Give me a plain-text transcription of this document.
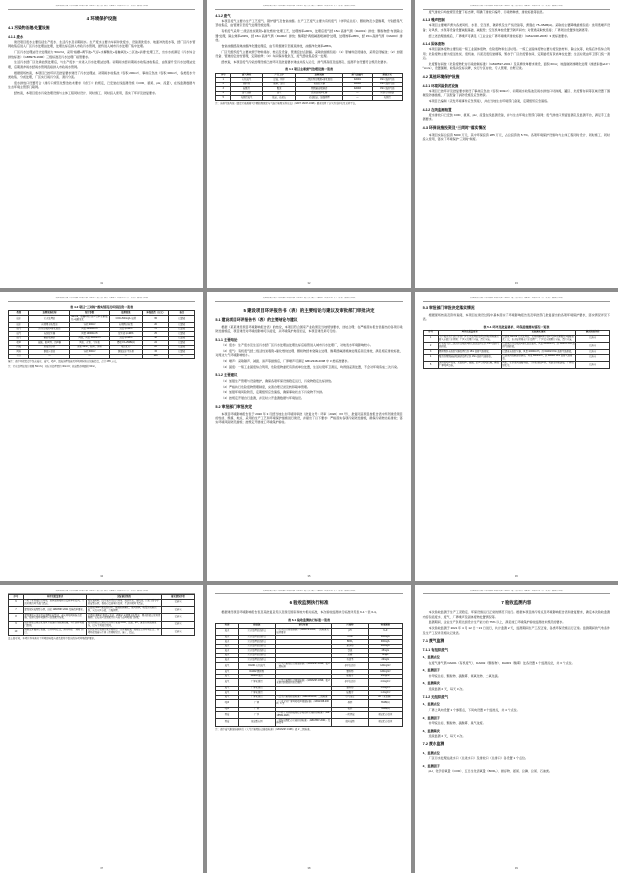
某建设项目竣工环境保护验收监测（调查）报告表 项目（湖北）有限公司 年产某某产品项目验收
4 环境保护设施
4.1 污染物治理/处置设施
4.1.1 废水

建设项目废水主要包括生产废水、生活污水及初期雨水。生产废水主要为车间冲洗废水、设备清洗废水、地面冲洗废水等，经厂区污水管网收集后进入厂区污水处理站处理，处理达标后排入市政污水管网，最终进入城市污水处理厂集中处理。

厂区污水处理站设计处理能力 50m³/d，采用“格栅+调节池+气浮+水解酸化+接触氧化+二沉池+消毒”处理工艺，出水水质满足《污水综合排放标准》（GB8978-1996）三级标准及污水处理厂接管要求。

生活污水经厂区化粪池预处理后，与生产废水一并进入污水处理站处理。初期雨水经初期雨水收集池收集后，由泵提升至污水处理站处理，后期清净雨水经雨水管网直接排入市政雨水管网。

根据现场核查，本项目已按环评及批复要求建设了污水处理站、初期雨水收集池（容积 200m³）、事故应急池（容积 300m³），各类废水分类收集、分质处理，厂区实行雨污分流、清污分流。

废水排放口设置符合《排污口规范化整治技术要求（试行）》的规定，已安装在线监测设施（COD、氨氮、pH、流量），在线监测数据与生态环境主管部门联网。

经核查，本项目废水污染治理设施与主体工程同时设计、同时施工、同时投入使用，落实了环评及批复要求。

31
某建设项目竣工环境保护验收监测（调查）报告表 项目（湖北）有限公司 年产某某产品项目验收
4.1.2 废气

本项目废气主要为生产工艺废气、锅炉烟气及食堂油烟。生产工艺废气主要为有机废气（非甲烷总烃）、颗粒物及少量酸雾，分别经集气罩收集后，由管道引至废气处理设施处理。

有机废气采用“二级活性炭吸附+催化燃烧”处理工艺，处理效率≥90%，处理后废气经 15m 高排气筒（DA001）排放；颗粒物经“布袋除尘器”处理，除尘效率≥99%，经 15m 高排气筒（DA002）排放；酸雾经“两级碱液喷淋塔”处理，处理效率≥95%，经 15m 高排气筒（DA003）排放。

食堂油烟经高效油烟净化器处理后，由专用烟道引至屋顶排放，油烟净化效率≥85%。

厂区无组织废气主要来源于物料储存、转运及设备、管道密封点泄漏。采取的措施包括：（1）原辅料密闭储存，采用密闭输送；（2）加强设备、管道的密封性管理，定期检修；（3）车间保持微负压，废气经收集后统一处理。

经核查，本项目废气污染治理设施已按环评及批复要求建成并投入运行，排气筒高度及监测孔、监测平台设置符合规范化要求。

表 4-1 项目主要废气治理设施一览表
序号	废气种类	产生工序	治理设施	排气筒编号	排放方式
1	有机废气	涂装、烘干	二级活性炭吸附+催化燃烧	DA001	15m 高排气筒
2	颗粒物	破碎、混合	布袋除尘器	DA002	15m 高排气筒
3	硫酸雾	酸洗	两级碱液喷淋塔	DA003	15m 高排气筒
4	食堂油烟	食堂	高效油烟净化器	—	屋顶专用烟道
5	无组织废气	储运、密封点	密闭储运、加强管理	—	无组织
注：各排气筒均按《固定污染源排气中颗粒物测定与气态污染物采样方法》（GB/T 16157-1996）要求设置了永久性采样孔及采样平台。
32
某建设项目竣工环境保护验收监测（调查）报告表 项目（湖北）有限公司 年产某某产品项目验收

废气排放口均按规范设置了标志牌，明确了排放口编号、污染物种类、排放标准等信息。

4.1.3 噪声控制

本项目主要噪声源为各类风机、水泵、空压机、破碎机及生产线设备等，源强在 75~95dB(A)。采取的主要降噪措施包括：选用低噪声设备；对风机、水泵等设备设置减振基础、减振垫；空压机单独设置于隔声间内；对管道采取软连接；厂界周边设置绿化隔离带。

经上述治理措施后，厂界噪声可满足《工业企业厂界环境噪声排放标准》（GB12348-2008）3 类标准要求。

4.1.4 固体废物

本项目固体废物主要包括一般工业固体废物、危险废物和生活垃圾。一般工业固体废物主要为废包装材料、除尘灰等，收集后外售综合利用；危险废物主要为废活性炭、废机油、污泥及废包装桶等，暂存于厂区危废暂存间，定期委托有资质单位处置；生活垃圾由环卫部门统一清运。

危废暂存间按《危险废物贮存污染控制标准》（GB18597-2001）及其修改单要求建设，面积 60m²，地面做防渗硬化处理（渗透系数≤10⁻¹⁰cm/s），设置围堰、收集沟及标识牌，实行分区存放、专人管理、台账记录。

4.2 其他环境保护设施
4.2.1 环境风险防范设施

本项目已按环评及批复要求建设了事故应急池（容积 300m³）、初期雨水收集池及雨水排放口切换阀，罐区、危废暂存间等区域设置了围堰及防渗措施，厂区配备了消防设施及应急物资。

本项目已编制《突发环境事件应急预案》，并在当地生态环境部门备案，定期组织应急演练。

4.2.2 在线监测装置

废水排放口已安装 COD、氨氮、pH、流量在线监测设备，并与生态环境主管部门联网；废气排放口预留监测孔及监测平台，满足手工监测要求。

4.3 环保设施投资及“三同时”落实情况

本项目实际总投资 5000 万元，其中环保投资 285 万元，占总投资的 5.7%。各项环境保护设施均与主体工程同时设计、同时施工、同时投入使用，落实了环境保护“三同时”制度。

33
某建设项目竣工环境保护验收监测（调查）报告表 项目（湖北）有限公司 年产某某产品项目验收
表 4-2 项目“三同时”落实情况及环保投资一览表
类别	治理设施名称	设计参数	处理效果	环保投资（万元）	备注
废水	污水处理站	50m³/d，格栅+调节池+气浮+水解酸化+接触氧化	COD≤500mg/L 接管	95	已建成
废水	初期雨水收集池	容积 200m³	初期雨水收集	20	已建成
废气	活性炭吸附+催化燃烧	风量 20000m³/h	去除率≥90%	70	已建成
废气	布袋除尘器	风量 10000m³/h	除尘效率≥99%	25	已建成
废气	碱液喷淋塔	两级，风量 8000m³/h	去除率≥95%	18	已建成
噪声	减振、隔声间、消声器	风机、水泵、空压机	降噪 15~25dB(A)	22	已建成
固废	危废暂存间	面积 60m²，防渗、围堰	规范贮存	20	已建成
风险	事故应急池	容积 300m³	事故废水不外排	15	已建成
合计	—	—	—	285	—
备注：表中环保投资中包含废水、废气、噪声、固废治理设施及环境风险防范设施投资，合计 285 万元。
注：污水处理站设计规模 50m³/d，实际日处理量约 30m³/d；危废暂存间面积 60m²。
34
某建设项目竣工环境保护验收监测（调查）报告表 项目（湖北）有限公司 年产某某产品项目验收
5 建设项目环评报告书（表）的主要结论与建议及审批部门审批决定
5.1 建设项目环评报告书（表）的主要结论与建议

根据《某某建设项目环境影响报告表》的结论，本项目符合国家产业政策及当地规划要求，选址合理；在严格落实报告表提出的各项污染防治措施后，项目建设对环境的影响可以接受，从环境保护角度论证，本项目建设是可行的。

5.1.1 主要结论

（1）废水：生产废水及生活污水经厂区污水处理站处理达标后接管进入城市污水处理厂，对地表水环境影响较小。

（2）废气：有机废气经二级活性炭吸附+催化燃烧处理、颗粒物经布袋除尘处理、酸雾经碱液喷淋处理后高空排放，满足相应排放标准，对周边大气环境影响较小。

（3）噪声：采取隔声、减振、消声等措施后，厂界噪声可满足 GB12348-2008 中 3 类标准要求。

（4）固废：一般工业固废综合利用，危险废物委托有资质单位处置，生活垃圾环卫清运，均得到妥善处置，不会对环境造成二次污染。

5.1.2 主要建议

（1）加强生产管理与设备维护，确保各项环保设施稳定运行，污染物稳定达标排放。

（2）严格执行危险废物管理制度，完善台账记录及转移联单管理。

（3）加强环境风险防范，定期组织应急演练，确保事故状态下污染物不外排。

（4）按规定开展自行监测，并及时公开监测数据与环境信息。

5.2 审批部门审批决定

本项目环境影响报告表于 2020 年 3 月经当地生态环境局审批（批复文号：环审〔2020〕XX 号），批复同意项目按报告表中所列建设项目的性质、规模、地点、采用的生产工艺和环境保护措施进行建设，并提出了以下要求：严格落实各项污染防治措施，确保污染物达标排放；落实环境风险防范措施；按规定开展竣工环境保护验收。

35
某建设项目竣工环境保护验收监测（调查）报告表 项目（湖北）有限公司 年产某某产品项目验收
5.3 审批部门审批决定落实情况

根据现场核查及资料查阅，本项目在建设过程中基本落实了环境影响报告表及审批部门批复提出的各项环境保护要求，落实情况详见下表。

表 5-1 环评及批复要求、环保措施落实情况一览表
序号	环评及批复要求	实际落实情况	落实情况评价
1	生产废水及生活污水经厂区污水处理站处理达到接管标准后排入市政污水管网；厂区实行雨污分流、清污分流。	已建成 50m³/d 污水处理站，采用格栅+调节池+气浮+水解酸化+接触氧化工艺，出水接管城市污水处理厂；厂区已实现雨污分流、清污分流。	已落实
2	有机废气经二级活性炭吸附+催化燃烧处理后经 15m 高排气筒排放。	已建成活性炭吸附+催化燃烧装置，风量 20000m³/h，经 DA001 15m 高排气筒排放。	已落实
3	颗粒物经布袋除尘器处理后经 15m 高排气筒排放。	已建成布袋除尘器，风量 10000m³/h，经 DA002 15m 高排气筒排放。	已落实
4	酸雾经两级碱液喷淋塔处理后经 15m 高排气筒排放。	已建成两级碱液喷淋塔，风量 8000m³/h，经 DA003 15m 高排气筒排放。	已落实
5	选用低噪声设备，采取隔声、减振、消声等降噪措施，确保厂界噪声达标。	风机、水泵设置减振基础，空压机设隔声间，管道采用软连接，厂界设绿化带。	已落实
36
某建设项目竣工环境保护验收监测（调查）报告表 项目（湖北）有限公司 年产某某产品项目验收
序号	环评及批复要求	实际落实情况	落实情况评价
6	一般工业固废综合利用，危险废物委托有资质单位处置，生活垃圾由环卫部门清运。	废包装材料、除尘灰外售综合利用；废活性炭、废机油、污泥等暂存于危废暂存间，委托有资质单位处置；生活垃圾环卫清运。	已落实
7	建设危险废物暂存间，满足 GB18597-2001 及修改单要求。	已建成 60m² 危废暂存间，地面防渗硬化，设置围堰、收集沟及标识牌，实行分区存放、台账管理。	已落实
8	建设事故应急池及初期雨水收集池，落实环境风险防范措施，编制突发环境事件应急预案并备案。	已建成 300m³ 事故应急池、200m³ 初期雨水收集池，雨水排放口设置切换阀；已编制应急预案并在当地生态环境部门备案。	已落实
9	废水排放口规范化设置并安装在线监测设施，与生态环境部门联网。	废水排放口已规范化设置并安装 COD、氨氮、pH、流量在线监测设备，已与主管部门联网。	已落实
10	按规定开展自行监测，公开环境信息，落实环保“三同时”制度。	已制定自行监测方案并委托第三方开展监测，按规定公开环境信息；各项环保设施与主体工程同时设计、施工、投运。	已落实
由上表可知，本项目基本落实了环境影响报告表及批复中提出的各项环境保护要求。
37
某建设项目竣工环境保护验收监测（调查）报告表 项目（湖北）有限公司 年产某某产品项目验收
6 验收监测执行标准

根据建设项目环境影响报告表及其批复意见以及现行国家和地方相关标准，本次验收监测执行标准详见表 6-1～表 6-4。

表 6-1 验收监测执行标准一览表
类别	排放源	执行标准	污染物	标准限值
废水	污水处理站总排口	《污水综合排放标准》（GB8978-1996）三级标准及接管要求	pH	6~9
废水	污水处理站总排口		COD	500mg/L
废水	污水处理站总排口		BOD₅	300mg/L
废水	污水处理站总排口		悬浮物	400mg/L
废水	污水处理站总排口		氨氮	45mg/L
废水	污水处理站总排口		总磷	8mg/L
废水	污水处理站总排口		石油类	20mg/L
废气	DA001 有机废气	《大气污染物综合排放标准》（GB16297-1996）表 2 二级标准	非甲烷总烃	120mg/m³
废气	DA002 颗粒物		颗粒物	120mg/m³
废气	DA003 酸雾		硫酸雾	45mg/m³
废气	厂界无组织	《大气污染物综合排放标准》（GB16297-1996）表 2 无组织排放监控浓度限值	非甲烷总烃	4.0mg/m³
废气	厂界无组织		颗粒物	1.0mg/m³
废气	厂界无组织		硫酸雾	1.2mg/m³
废气	厂界无组织	《恶臭污染物排放标准》（GB14554-93）二级标准	臭气浓度	20（无量纲）
噪声	厂界	《工业企业厂界环境噪声排放标准》（GB12348-2008）3 类	昼间	65dB(A)
噪声	厂界		夜间	55dB(A)
固废	厂区	《一般工业固体废物贮存和填埋污染控制标准》（GB18599-2020）	一般固废	规范贮存处置
固废	危废暂存间	《危险废物贮存污染控制标准》（GB18597-2001）及修改单	危险废物	规范贮存处置
注：表中废气排放标准执行《大气污染物综合排放标准》（GB16297-1996）表 2 二级标准。
38
某建设项目竣工环境保护验收监测（调查）报告表 项目（湖北）有限公司 年产某某产品项目验收
7 验收监测内容

本次验收监测于生产工况稳定、环保设施运行正常的情况下进行。根据本项目排污特点及环境影响报告表和批复要求，确定本次验收监测内容包括废水、废气、厂界噪声及固体废物处置情况等。

监测期间，企业生产负荷达到设计生产能力的 75% 以上，满足竣工环境保护验收监测技术规范的要求。

本次验收监测于 2021 年 4 月 12 日～13 日进行，共计监测 2 天，监测期间生产工况正常，各类环保设施运行正常。监测期间的气象条件及生产工况详见相关记录表。

7.1 废气监测
7.1.1 有组织废气
1、监测点位

在废气排气筒 DA001（有机废气）、DA002（颗粒物）、DA003（酸雾）处各设置 1 个监测点位，共 3 个点位。

2、监测因子

非甲烷总烃、颗粒物、硫酸雾、氮氧化物、二氧化硫。

3、监测频次

连续监测 2 天，每天 3 次。

7.1.2 无组织废气
1、监测点位

厂界上风向设置 1 个参照点，下风向设置 3 个监控点，共 4 个点位。

2、监测因子

非甲烷总烃、颗粒物、硫酸雾、臭气浓度。

3、监测频次

连续监测 2 天，每天 3 次。

7.2 废水监测
1、监测点位

厂区污水处理站进水口（总进水口）及排放口（总排口）各设置 1 个点位。

2、监测因子

pH、化学需氧量（COD）、五日生化需氧量（BOD₅）、悬浮物、氨氮、总磷、总氮、石油类。

39
